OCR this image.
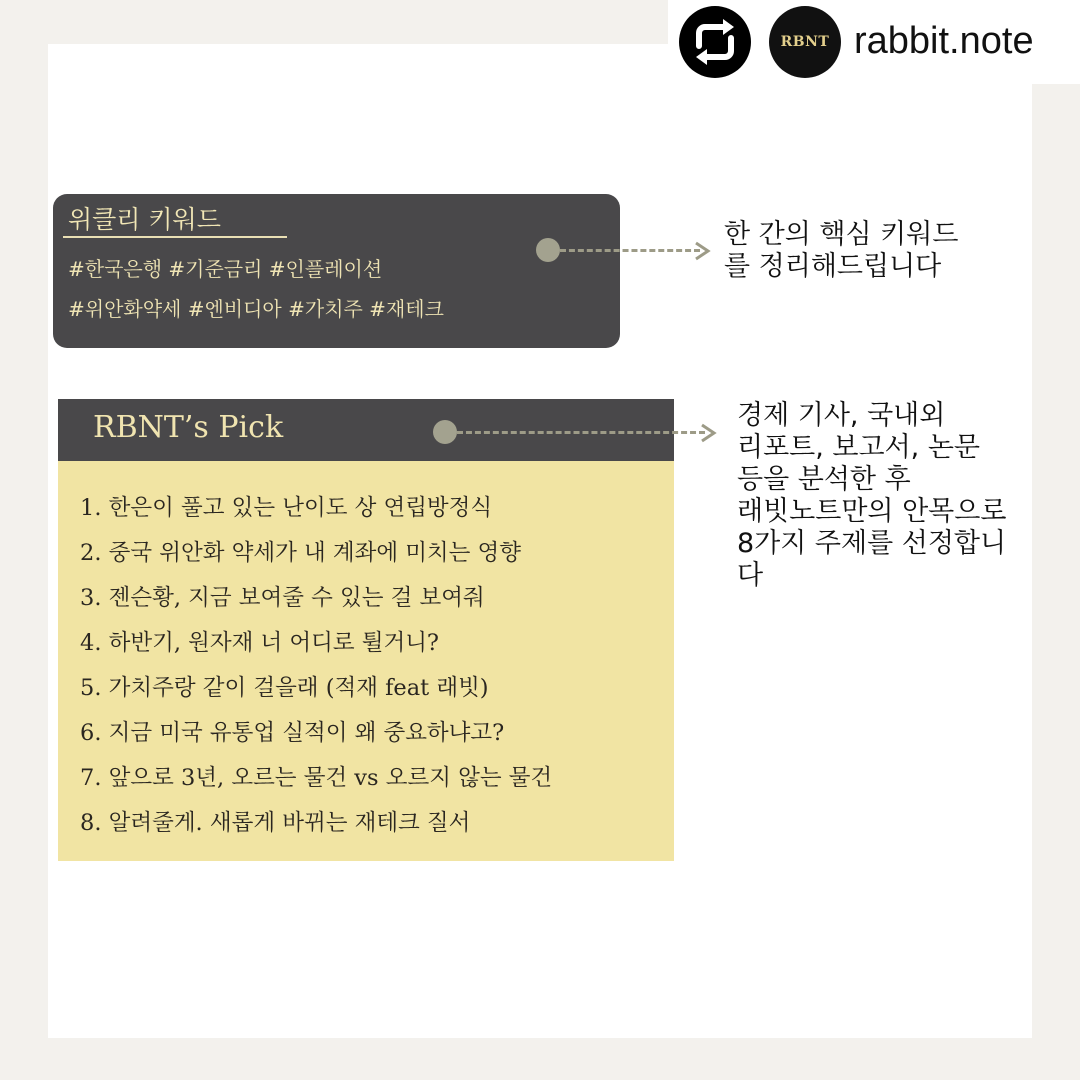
RBNT rabbit.note
위클리 키워드
#한국은행 #기준금리 #인플레이션
#위안화약세 #엔비디아 #가치주 #재테크
한 간의 핵심 키워드
를 정리해드립니다
RBNT’s Pick
1. 한은이 풀고 있는 난이도 상 연립방정식
2. 중국 위안화 약세가 내 계좌에 미치는 영향
3. 젠슨황, 지금 보여줄 수 있는 걸 보여줘
4. 하반기, 원자재 너 어디로 튈거니?
5. 가치주랑 같이 걸을래 (적재 feat 래빗)
6. 지금 미국 유통업 실적이 왜 중요하냐고?
7. 앞으로 3년, 오르는 물건 vs 오르지 않는 물건
8. 알려줄게. 새롭게 바뀌는 재테크 질서
경제 기사, 국내외
리포트, 보고서, 논문
등을 분석한 후
래빗노트만의 안목으로
8가지 주제를 선정합니
다
